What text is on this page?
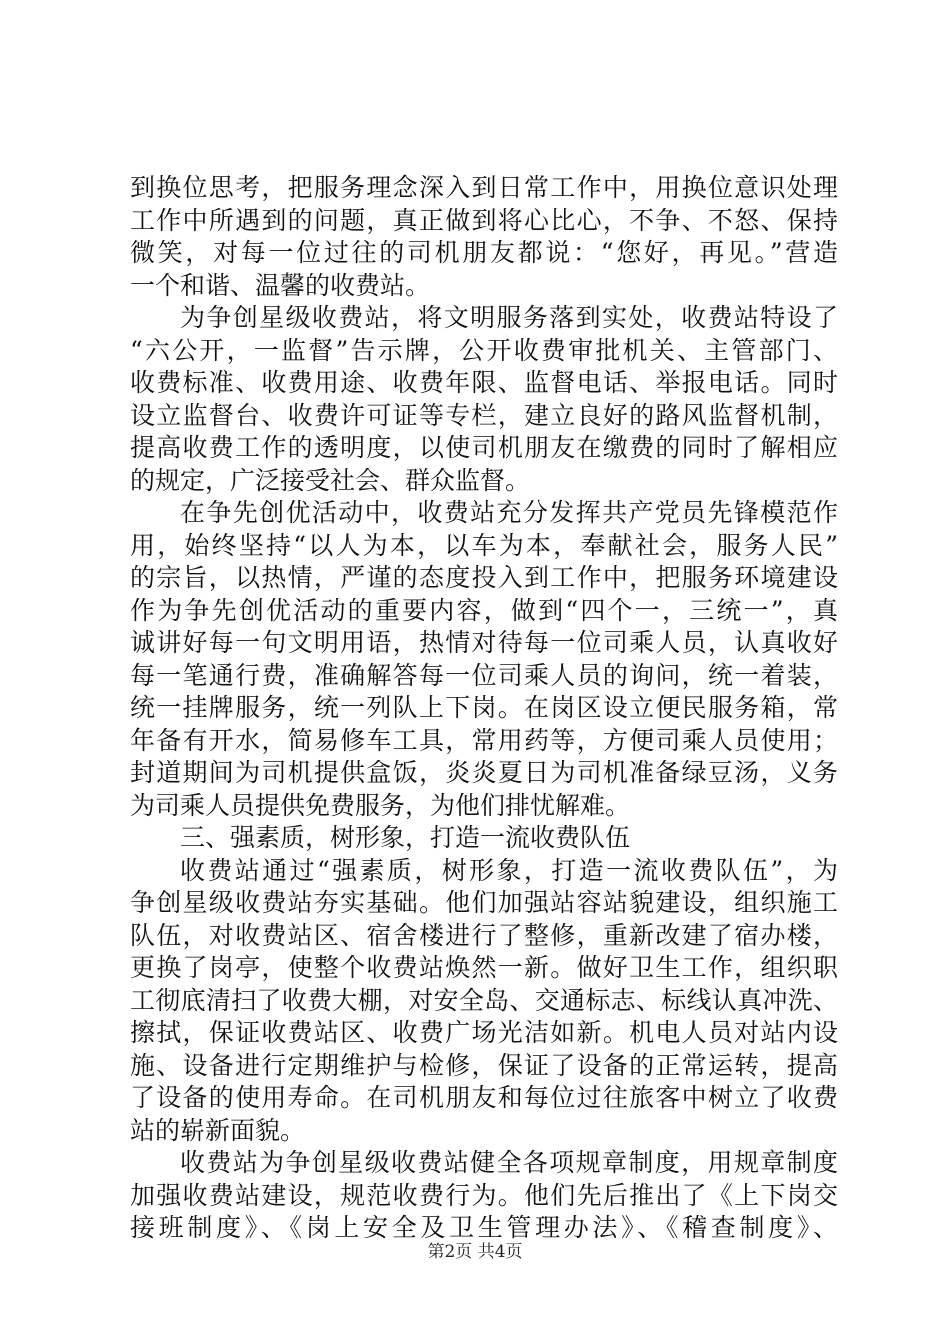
到换位思考，把服务理念深入到日常工作中，用换位意识处理
工作中所遇到的问题，真正做到将心比心，不争、不怒、保持
微笑，对每一位过往的司机朋友都说：“您好，再见。”营造
一个和谐、温馨的收费站。
为争创星级收费站，将文明服务落到实处，收费站特设了
“六公开，一监督”告示牌，公开收费审批机关、主管部门、
收费标准、收费用途、收费年限、监督电话、举报电话。同时
设立监督台、收费许可证等专栏，建立良好的路风监督机制，
提高收费工作的透明度，以使司机朋友在缴费的同时了解相应
的规定，广泛接受社会、群众监督。
在争先创优活动中，收费站充分发挥共产党员先锋模范作
用，始终坚持“以人为本，以车为本，奉献社会，服务人民”
的宗旨，以热情，严谨的态度投入到工作中，把服务环境建设
作为争先创优活动的重要内容，做到“四个一，三统一”，真
诚讲好每一句文明用语，热情对待每一位司乘人员，认真收好
每一笔通行费，准确解答每一位司乘人员的询问，统一着装，
统一挂牌服务，统一列队上下岗。在岗区设立便民服务箱，常
年备有开水，简易修车工具，常用药等，方便司乘人员使用；
封道期间为司机提供盒饭，炎炎夏日为司机准备绿豆汤，义务
为司乘人员提供免费服务，为他们排忧解难。
三、强素质，树形象，打造一流收费队伍
收费站通过“强素质，树形象，打造一流收费队伍”，为
争创星级收费站夯实基础。他们加强站容站貌建设，组织施工
队伍，对收费站区、宿舍楼进行了整修，重新改建了宿办楼，
更换了岗亭，使整个收费站焕然一新。做好卫生工作，组织职
工彻底清扫了收费大棚，对安全岛、交通标志、标线认真冲洗、
擦拭，保证收费站区、收费广场光洁如新。机电人员对站内设
施、设备进行定期维护与检修，保证了设备的正常运转，提高
了设备的使用寿命。在司机朋友和每位过往旅客中树立了收费
站的崭新面貌。
收费站为争创星级收费站健全各项规章制度，用规章制度
加强收费站建设，规范收费行为。他们先后推出了《上下岗交
接班制度》、《岗上安全及卫生管理办法》、《稽查制度》、
第2页 共4页
